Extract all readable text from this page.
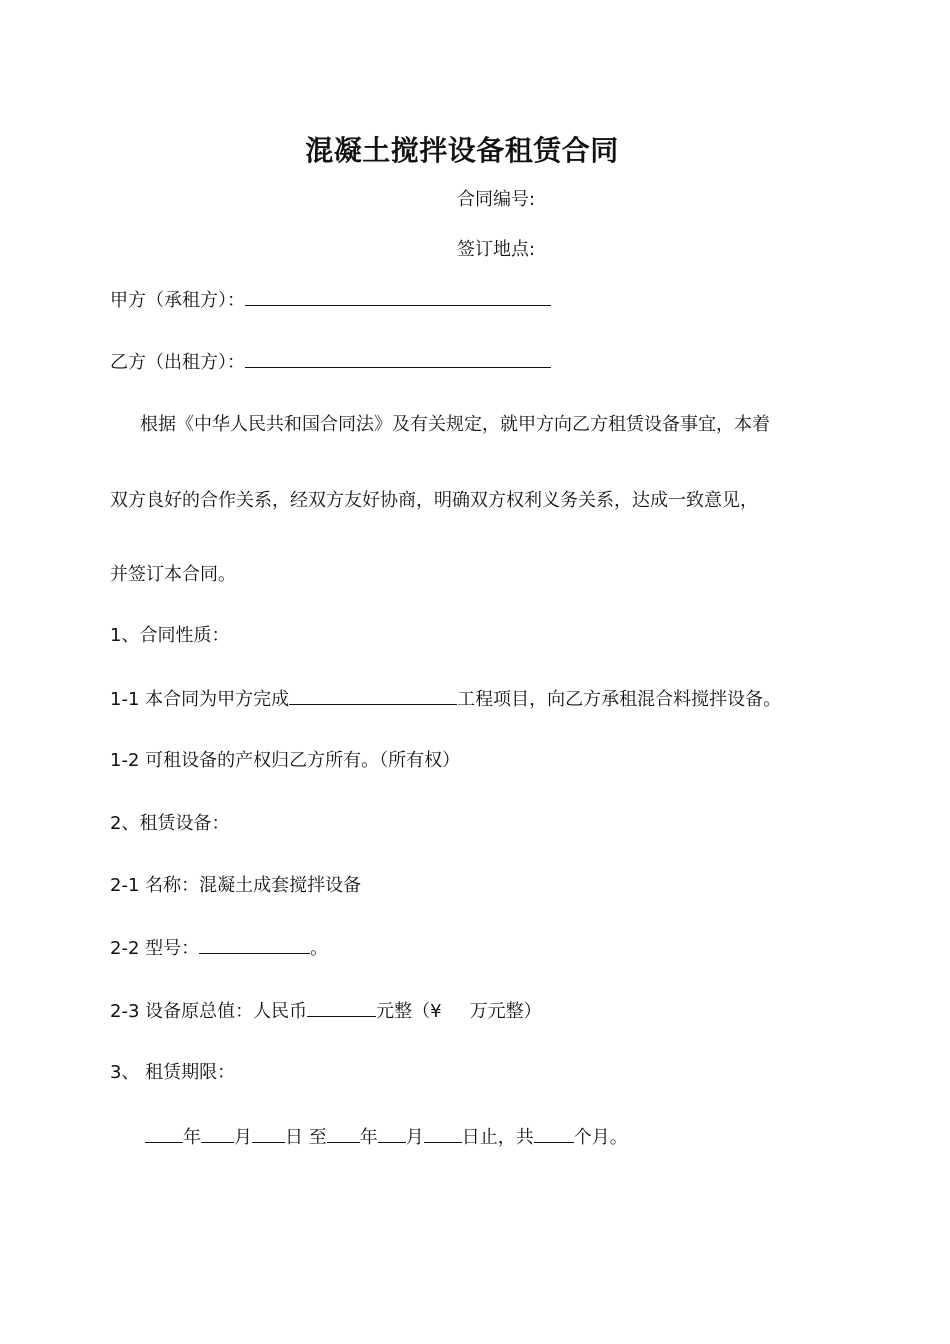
混凝土搅拌设备租赁合同
合同编号:
签订地点:
甲方（承租方）：
乙方（出租方）：
根据《中华人民共和国合同法》及有关规定，就甲方向乙方租赁设备事宜，本着
双方良好的合作关系，经双方友好协商，明确双方权利义务关系，达成一致意见，
并签订本合同。
1、合同性质：
1-1 本合同为甲方完成	工程项目，向乙方承租混合料搅拌设备。
1-2 可租设备的产权归乙方所有。（所有权）
2、租赁设备：
2-1 名称：混凝土成套搅拌设备
2-2 型号：	。
2-3 设备原总值：人民币	元整（¥ 万元整）
3、 租赁期限：
年 月 日 至 年 月 日止，共 个月。
